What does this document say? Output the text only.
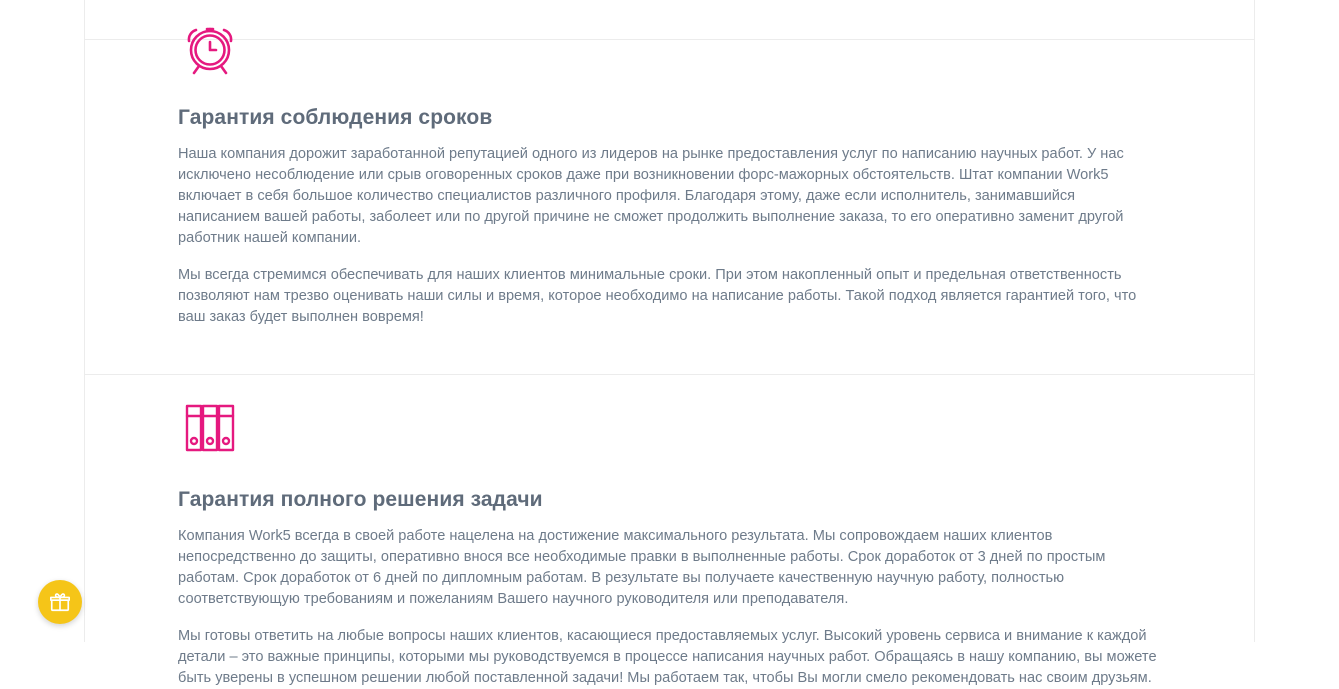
Гарантия соблюдения сроков

Наша компания дорожит заработанной репутацией одного из лидеров на рынке предоставления услуг по написанию научных работ. У нас исключено несоблюдение или срыв оговоренных сроков даже при возникновении форс-мажорных обстоятельств. Штат компании Work5 включает в себя большое количество специалистов различного профиля. Благодаря этому, даже если исполнитель, занимавшийся написанием вашей работы, заболеет или по другой причине не сможет продолжить выполнение заказа, то его оперативно заменит другой работник нашей компании.

Мы всегда стремимся обеспечивать для наших клиентов минимальные сроки. При этом накопленный опыт и предельная ответственность позволяют нам трезво оценивать наши силы и время, которое необходимо на написание работы. Такой подход является гарантией того, что ваш заказ будет выполнен вовремя!

Гарантия полного решения задачи

Компания Work5 всегда в своей работе нацелена на достижение максимального результата. Мы сопровождаем наших клиентов непосредственно до защиты, оперативно внося все необходимые правки в выполненные работы. Срок доработок от 3 дней по простым работам. Срок доработок от 6 дней по дипломным работам. В результате вы получаете качественную научную работу, полностью соответствующую требованиям и пожеланиям Вашего научного руководителя или преподавателя.

Мы готовы ответить на любые вопросы наших клиентов, касающиеся предоставляемых услуг. Высокий уровень сервиса и внимание к каждой детали – это важные принципы, которыми мы руководствуемся в процессе написания научных работ. Обращаясь в нашу компанию, вы можете быть уверены в успешном решении любой поставленной задачи! Мы работаем так, чтобы Вы могли смело рекомендовать нас своим друзьям.
